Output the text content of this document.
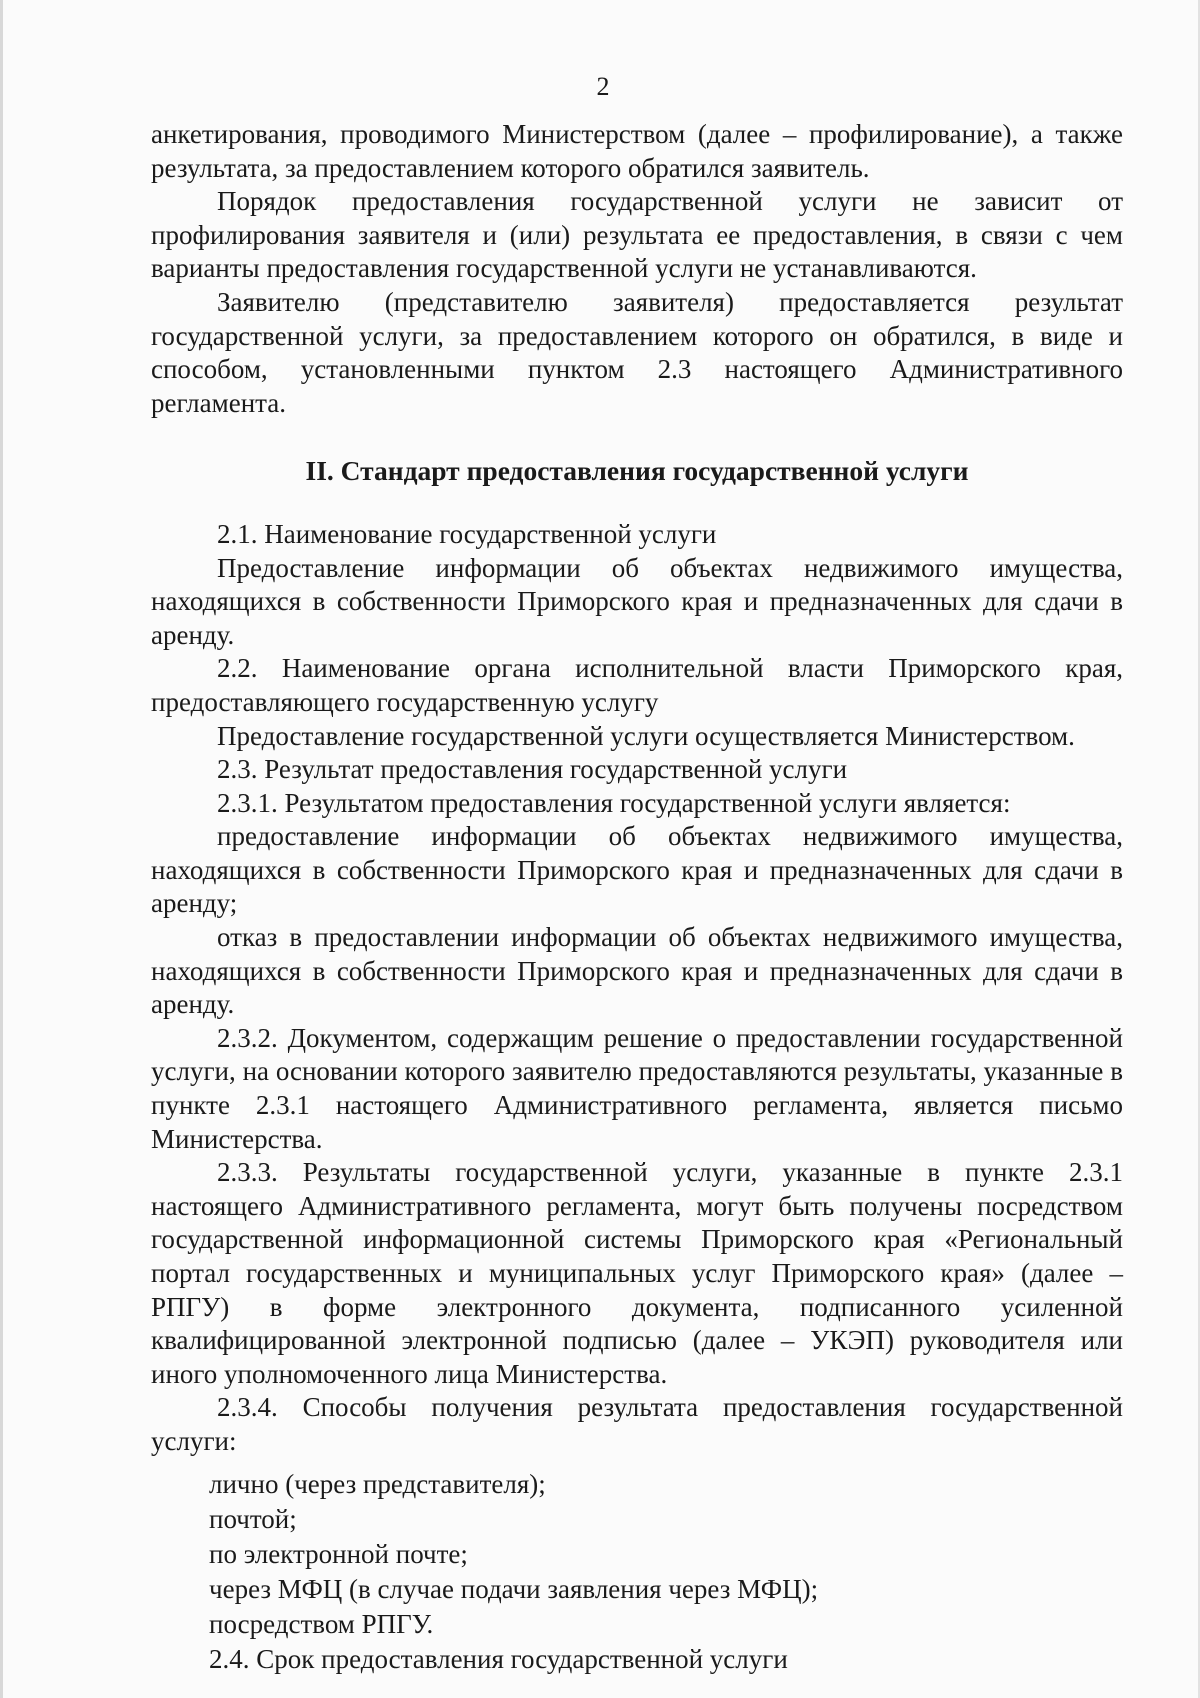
2

анкетирования, проводимого Министерством (далее – профилирование), а также результата, за предоставлением которого обратился заявитель.

Порядок предоставления государственной услуги не зависит от профилирования заявителя и (или) результата ее предоставления, в связи с чем варианты предоставления государственной услуги не устанавливаются.

Заявителю (представителю заявителя) предоставляется результат государственной услуги, за предоставлением которого он обратился, в виде и способом, установленными пунктом 2.3 настоящего Административного регламента.

II. Стандарт предоставления государственной услуги

2.1. Наименование государственной услуги

Предоставление информации об объектах недвижимого имущества, находящихся в собственности Приморского края и предназначенных для сдачи в аренду.

2.2. Наименование органа исполнительной власти Приморского края, предоставляющего государственную услугу

Предоставление государственной услуги осуществляется Министерством.

2.3. Результат предоставления государственной услуги

2.3.1. Результатом предоставления государственной услуги является:

предоставление информации об объектах недвижимого имущества, находящихся в собственности Приморского края и предназначенных для сдачи в аренду;

отказ в предоставлении информации об объектах недвижимого имущества, находящихся в собственности Приморского края и предназначенных для сдачи в аренду.

2.3.2. Документом, содержащим решение о предоставлении государственной услуги, на основании которого заявителю предоставляются результаты, указанные в пункте 2.3.1 настоящего Административного регламента, является письмо Министерства.

2.3.3. Результаты государственной услуги, указанные в пункте 2.3.1 настоящего Административного регламента, могут быть получены посредством государственной информационной системы Приморского края «Региональный портал государственных и муниципальных услуг Приморского края» (далее – РПГУ) в форме электронного документа, подписанного усиленной квалифицированной электронной подписью (далее – УКЭП) руководителя или иного уполномоченного лица Министерства.

2.3.4. Способы получения результата предоставления государственной услуги:

лично (через представителя);

почтой;

по электронной почте;

через МФЦ (в случае подачи заявления через МФЦ);

посредством РПГУ.

2.4. Срок предоставления государственной услуги
